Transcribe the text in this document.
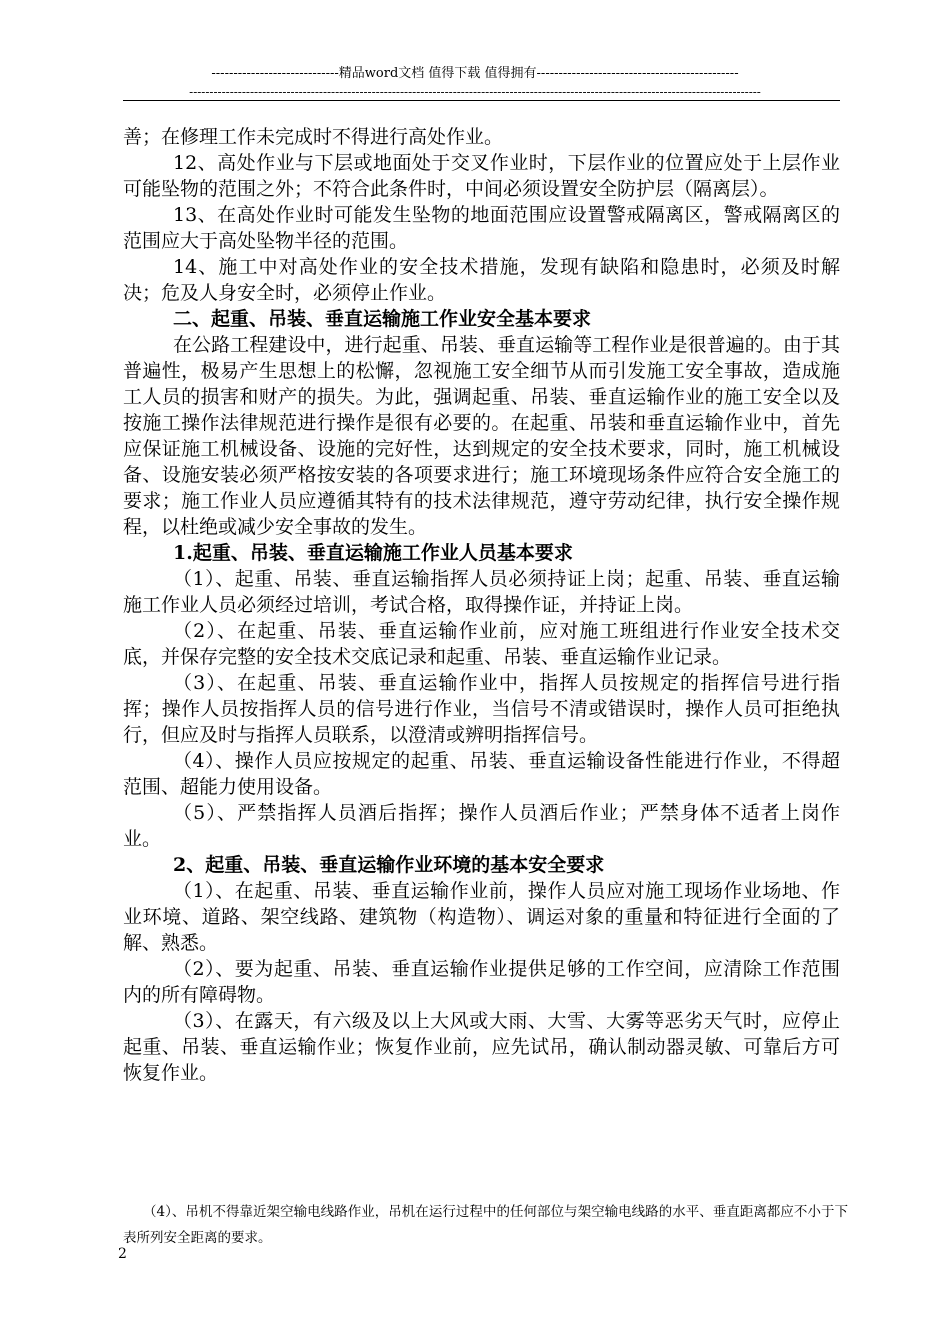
-----------------------------精品word文档 值得下载 值得拥有----------------------------------------------
---------------------------------------------------------------------------------------------------------------------------------------------

善；在修理工作未完成时不得进行高处作业。

12、高处作业与下层或地面处于交叉作业时，下层作业的位置应处于上层作业可能坠物的范围之外；不符合此条件时，中间必须设置安全防护层（隔离层）。

13、在高处作业时可能发生坠物的地面范围应设置警戒隔离区，警戒隔离区的范围应大于高处坠物半径的范围。

14、施工中对高处作业的安全技术措施，发现有缺陷和隐患时，必须及时解决；危及人身安全时，必须停止作业。

二、起重、吊装、垂直运输施工作业安全基本要求

在公路工程建设中，进行起重、吊装、垂直运输等工程作业是很普遍的。由于其普遍性，极易产生思想上的松懈，忽视施工安全细节从而引发施工安全事故，造成施工人员的损害和财产的损失。为此，强调起重、吊装、垂直运输作业的施工安全以及按施工操作法律规范进行操作是很有必要的。在起重、吊装和垂直运输作业中，首先应保证施工机械设备、设施的完好性，达到规定的安全技术要求，同时，施工机械设备、设施安装必须严格按安装的各项要求进行；施工环境现场条件应符合安全施工的要求；施工作业人员应遵循其特有的技术法律规范，遵守劳动纪律，执行安全操作规程，以杜绝或减少安全事故的发生。

1.起重、吊装、垂直运输施工作业人员基本要求

（1）、起重、吊装、垂直运输指挥人员必须持证上岗；起重、吊装、垂直运输施工作业人员必须经过培训，考试合格，取得操作证，并持证上岗。

（2）、在起重、吊装、垂直运输作业前，应对施工班组进行作业安全技术交底，并保存完整的安全技术交底记录和起重、吊装、垂直运输作业记录。

（3）、在起重、吊装、垂直运输作业中，指挥人员按规定的指挥信号进行指挥；操作人员按指挥人员的信号进行作业，当信号不清或错误时，操作人员可拒绝执行，但应及时与指挥人员联系，以澄清或辨明指挥信号。

（4）、操作人员应按规定的起重、吊装、垂直运输设备性能进行作业，不得超范围、超能力使用设备。

（5）、严禁指挥人员酒后指挥；操作人员酒后作业；严禁身体不适者上岗作业。

2、起重、吊装、垂直运输作业环境的基本安全要求

（1）、在起重、吊装、垂直运输作业前，操作人员应对施工现场作业场地、作业环境、道路、架空线路、建筑物（构造物）、调运对象的重量和特征进行全面的了解、熟悉。

（2）、要为起重、吊装、垂直运输作业提供足够的工作空间，应清除工作范围内的所有障碍物。

（3）、在露天，有六级及以上大风或大雨、大雪、大雾等恶劣天气时，应停止起重、吊装、垂直运输作业；恢复作业前，应先试吊，确认制动器灵敏、可靠后方可恢复作业。

（4）、吊机不得靠近架空输电线路作业，吊机在运行过程中的任何部位与架空输电线路的水平、垂直距离都应不小于下表所列安全距离的要求。

2
